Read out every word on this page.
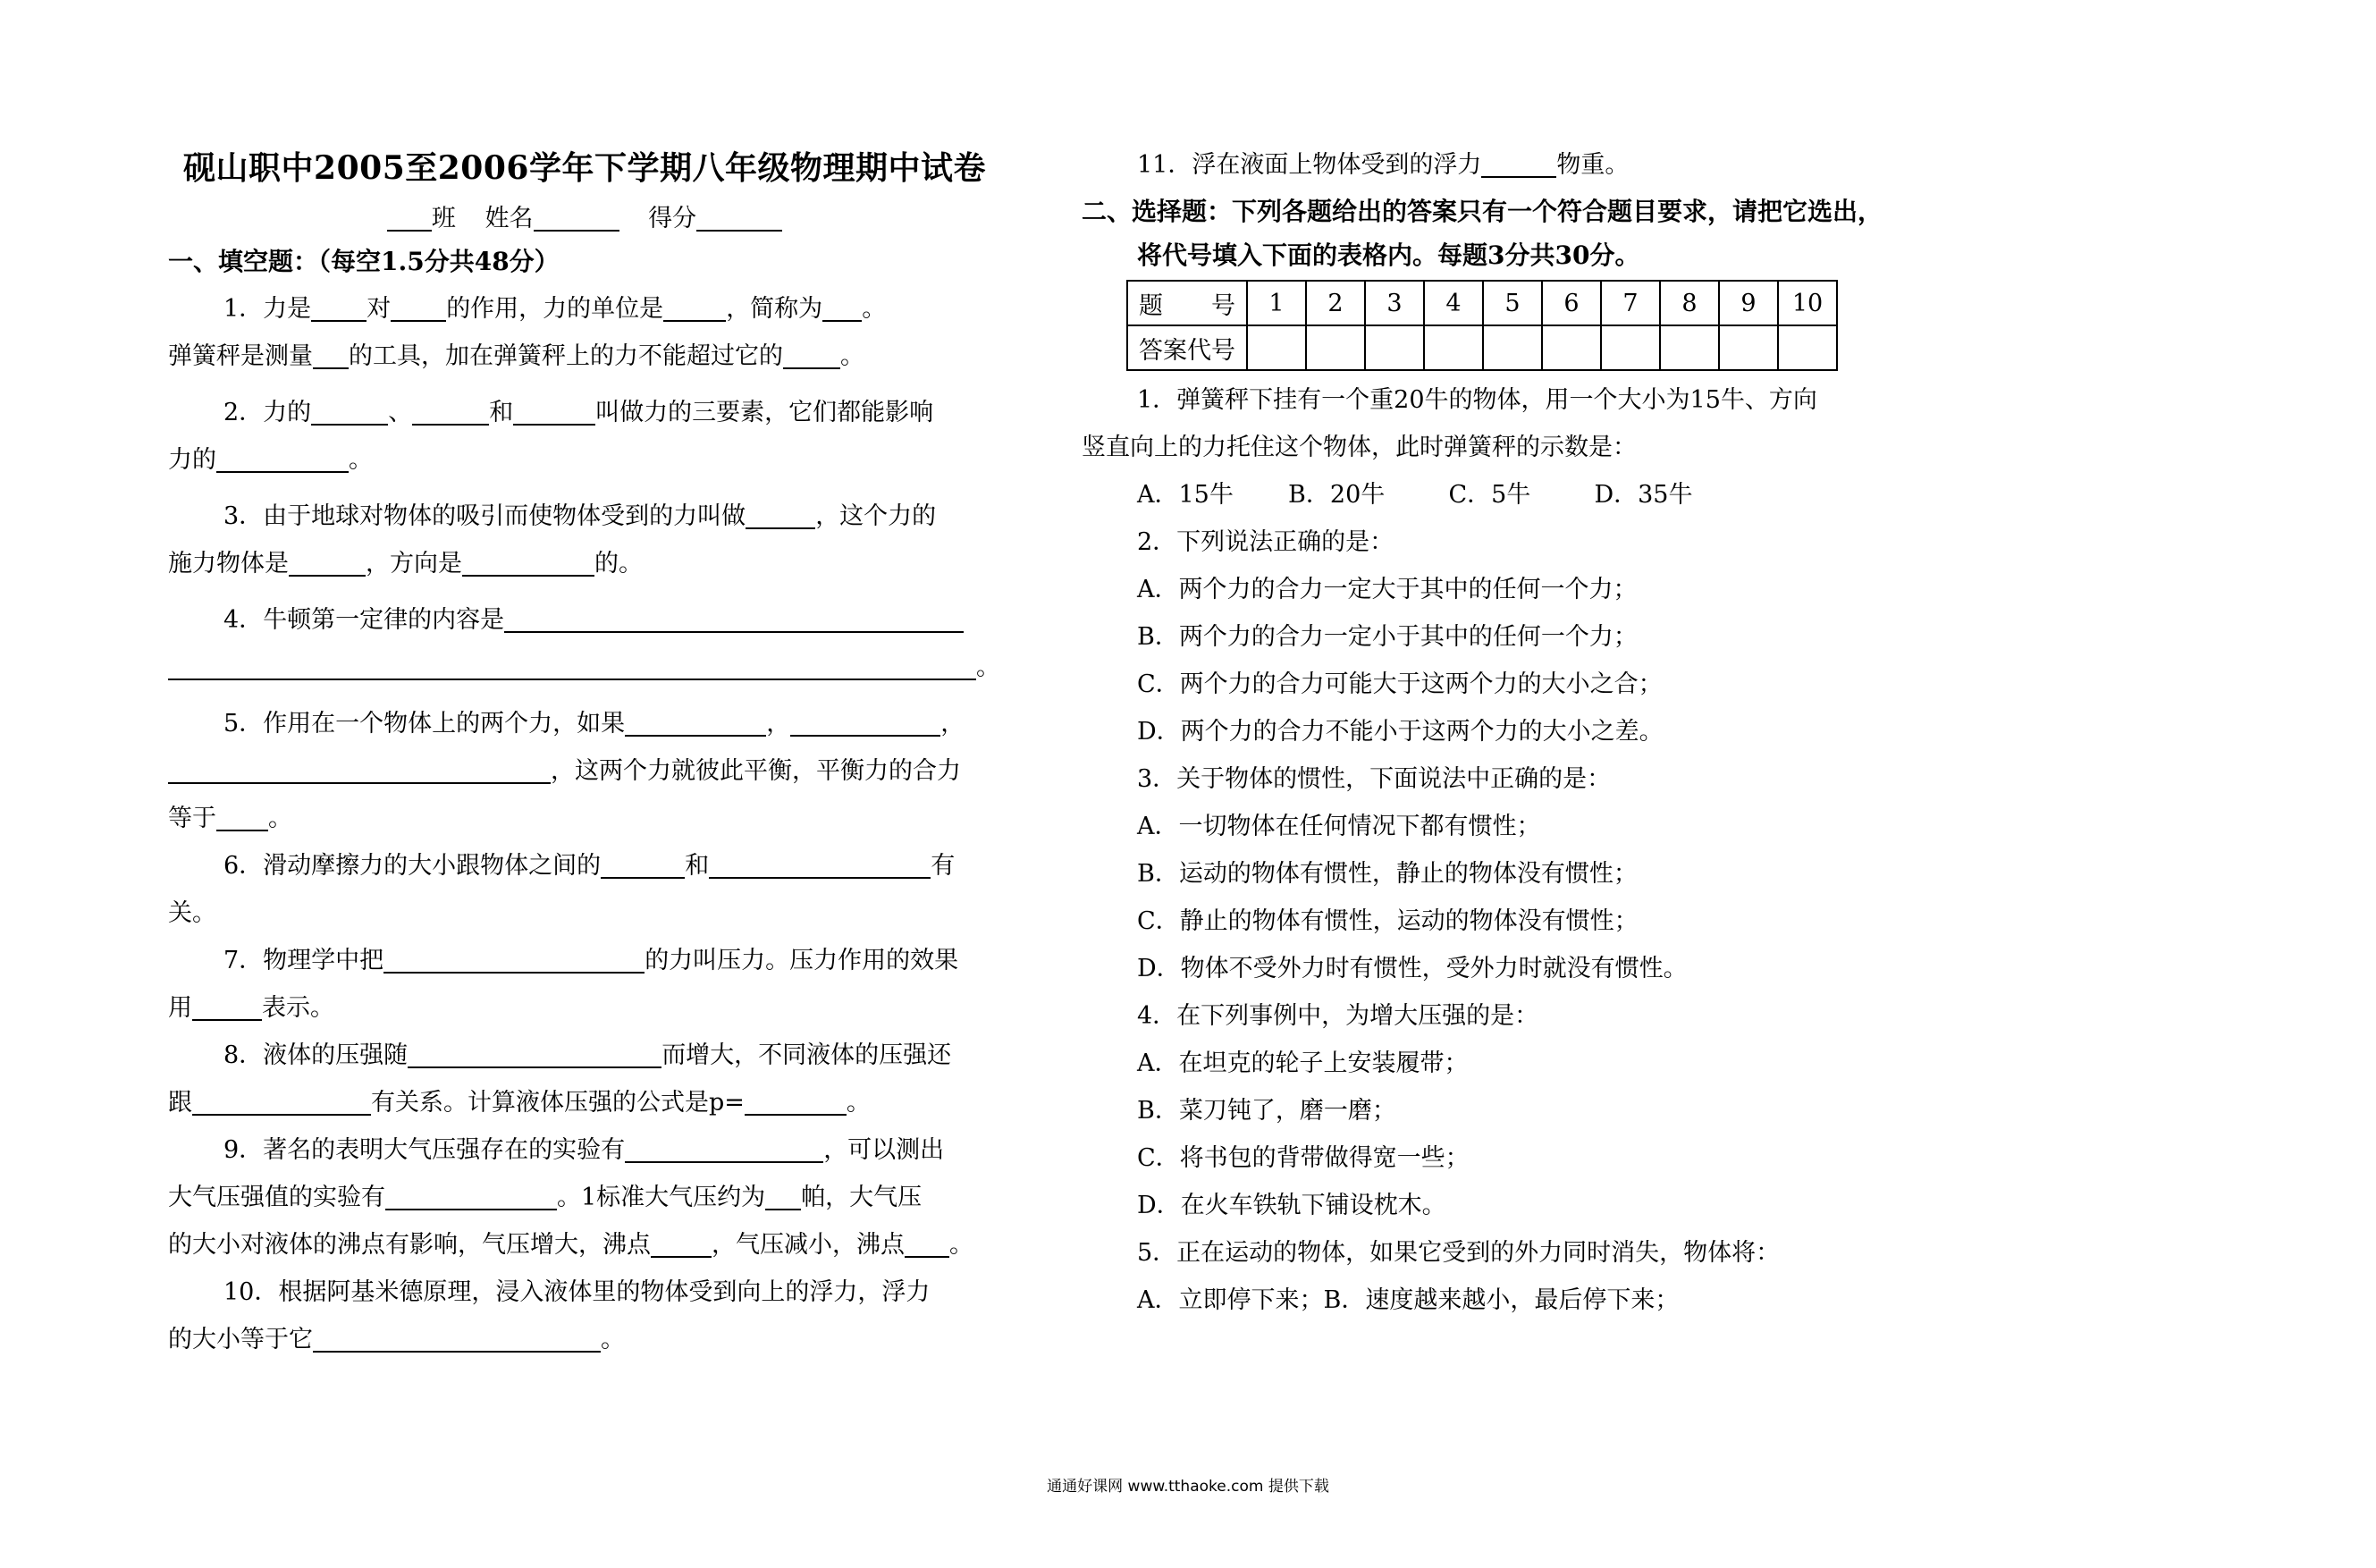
砚山职中2005至2006学年下学期八年级物理期中试卷
班 姓名	得分
一、填空题：（每空1.5分共48分）
1．力是 对 的作用，力的单位是	，简称为 。
弹簧秤是测量 的工具，加在弹簧秤上的力不能超过它的 。
2．力的	、	和	叫做力的三要素，它们都能影响
力的	。
3．由于地球对物体的吸引而使物体受到的力叫做	，这个力的
施力物体是	，方向是	的。
4．牛顿第一定律的内容是
。
5．作用在一个物体上的两个力，如果	，	，
，这两个力就彼此平衡，平衡力的合力
等于 。
6．滑动摩擦力的大小跟物体之间的	和	有
关。
7．物理学中把	的力叫压力。压力作用的效果
用	表示。
8．液体的压强随	而增大，不同液体的压强还
跟	有关系。计算液体压强的公式是p=	。
9．著名的表明大气压强存在的实验有	，可以测出
大气压强值的实验有	。1标准大气压约为 帕，大气压
的大小对液体的沸点有影响，气压增大，沸点	，气压减小，沸点 。
10．根据阿基米德原理，浸入液体里的物体受到向上的浮力，浮力
的大小等于它	。
11．浮在液面上物体受到的浮力	物重。
二、选择题：下列各题给出的答案只有一个符合题目要求，请把它选出，
将代号填入下面的表格内。每题3分共30分。
题　　号	1	2	3	4	5	6	7	8	9	10
答案代号										
1．弹簧秤下挂有一个重20牛的物体，用一个大小为15牛、方向
竖直向上的力托住这个物体，此时弹簧秤的示数是：
A．15牛 B．20牛	C．5牛	D．35牛
2．下列说法正确的是：
A．两个力的合力一定大于其中的任何一个力；
B．两个力的合力一定小于其中的任何一个力；
C．两个力的合力可能大于这两个力的大小之合；
D．两个力的合力不能小于这两个力的大小之差。
3．关于物体的惯性，下面说法中正确的是：
A．一切物体在任何情况下都有惯性；
B．运动的物体有惯性，静止的物体没有惯性；
C．静止的物体有惯性，运动的物体没有惯性；
D．物体不受外力时有惯性，受外力时就没有惯性。
4．在下列事例中，为增大压强的是：
A．在坦克的轮子上安装履带；
B．菜刀钝了，磨一磨；
C．将书包的背带做得宽一些；
D．在火车铁轨下铺设枕木。
5．正在运动的物体，如果它受到的外力同时消失，物体将：
A．立即停下来；B．速度越来越小，最后停下来；
通通好课网 www.tthaoke.com 提供下载
